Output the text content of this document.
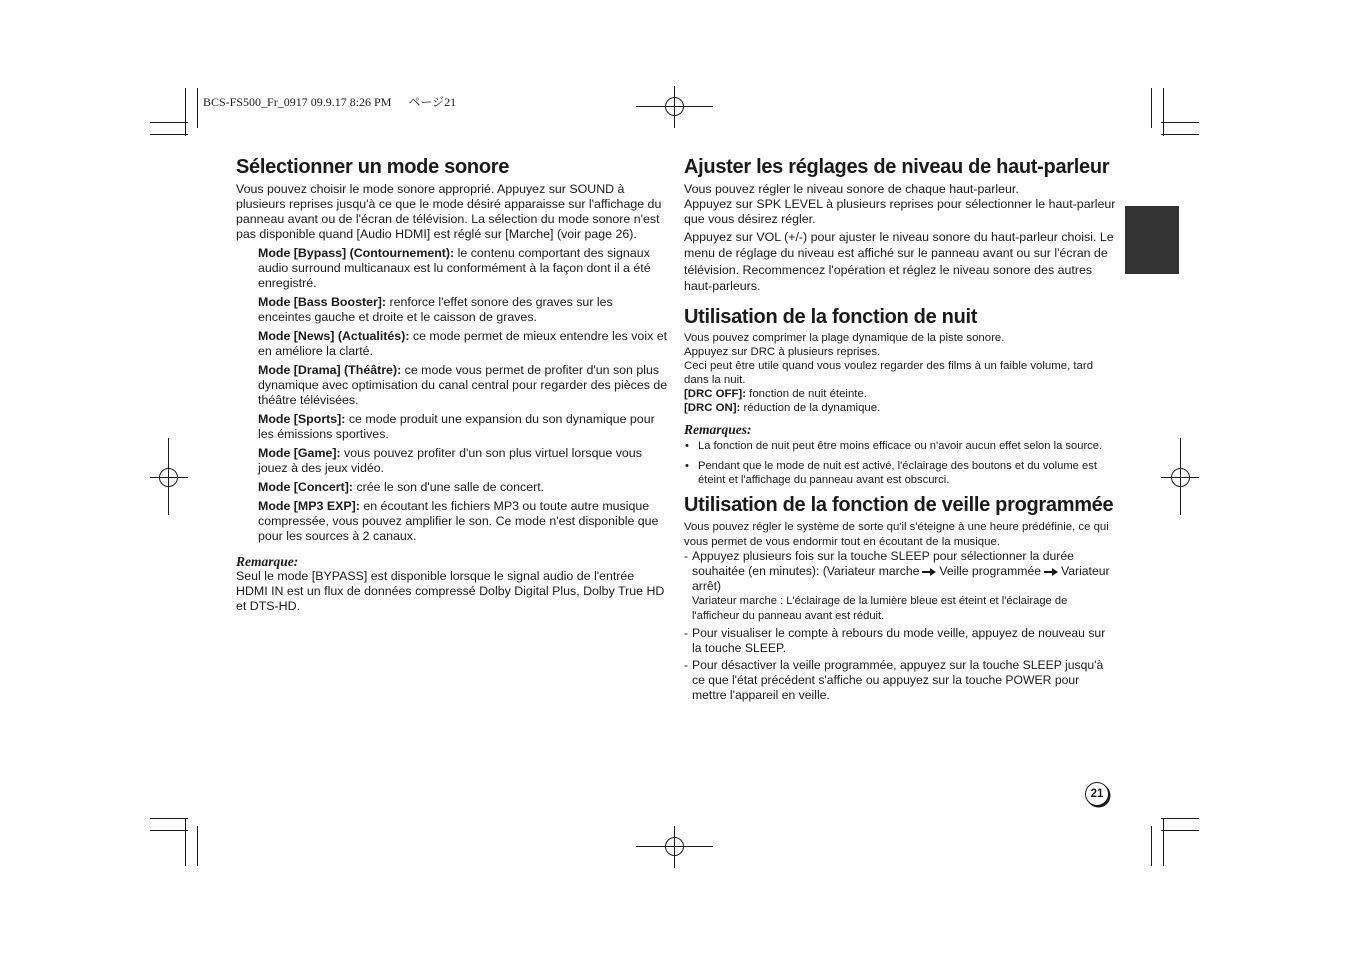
BCS-FS500_Fr_0917 09.9.17 8:26 PM ページ21
Sélectionner un mode sonore

Vous pouvez choisir le mode sonore approprié. Appuyez sur SOUND à plusieurs reprises jusqu'à ce que le mode désiré apparaisse sur l'affichage du panneau avant ou de l'écran de télévision. La sélection du mode sonore n'est pas disponible quand [Audio HDMI] est réglé sur [Marche] (voir page 26).

Mode [Bypass] (Contournement): le contenu comportant des signaux audio surround multicanaux est lu conformément à la façon dont il a été enregistré.

Mode [Bass Booster]: renforce l'effet sonore des graves sur les enceintes gauche et droite et le caisson de graves.

Mode [News] (Actualités): ce mode permet de mieux entendre les voix et en améliore la clarté.

Mode [Drama] (Théâtre): ce mode vous permet de profiter d'un son plus dynamique avec optimisation du canal central pour regarder des pièces de théâtre télévisées.

Mode [Sports]: ce mode produit une expansion du son dynamique pour les émissions sportives.

Mode [Game]: vous pouvez profiter d'un son plus virtuel lorsque vous jouez à des jeux vidéo.

Mode [Concert]: crée le son d'une salle de concert.

Mode [MP3 EXP]: en écoutant les fichiers MP3 ou toute autre musique compressée, vous pouvez amplifier le son. Ce mode n'est disponible que pour les sources à 2 canaux.

Remarque:

Seul le mode [BYPASS] est disponible lorsque le signal audio de l'entrée HDMI IN est un flux de données compressé Dolby Digital Plus, Dolby True HD et DTS-HD.

Ajuster les réglages de niveau de haut-parleur

Vous pouvez régler le niveau sonore de chaque haut-parleur.

Appuyez sur SPK LEVEL à plusieurs reprises pour sélectionner le haut-parleur que vous désirez régler.

Appuyez sur VOL (+/-) pour ajuster le niveau sonore du haut-parleur choisi. Le menu de réglage du niveau est affiché sur le panneau avant ou sur l'écran de télévision. Recommencez l'opération et réglez le niveau sonore des autres haut-parleurs.

Utilisation de la fonction de nuit

Vous pouvez comprimer la plage dynamique de la piste sonore.

Appuyez sur DRC à plusieurs reprises.

Ceci peut être utile quand vous voulez regarder des films à un faible volume, tard dans la nuit.

[DRC OFF]: fonction de nuit éteinte.

[DRC ON]: réduction de la dynamique.

Remarques:

• La fonction de nuit peut être moins efficace ou n'avoir aucun effet selon la source.
• Pendant que le mode de nuit est activé, l'éclairage des boutons et du volume est éteint et l'affichage du panneau avant est obscurci.
Utilisation de la fonction de veille programmée

Vous pouvez régler le système de sorte qu'il s'éteigne à une heure prédéfinie, ce qui vous permet de vous endormir tout en écoutant de la musique.

- Appuyez plusieurs fois sur la touche SLEEP pour sélectionner la durée souhaitée (en minutes): (Variateur marche Veille programmée Variateur arrêt)
Variateur marche : L'éclairage de la lumière bleue est éteint et l'éclairage de l'afficheur du panneau avant est réduit.
- Pour visualiser le compte à rebours du mode veille, appuyez de nouveau sur la touche SLEEP.
- Pour désactiver la veille programmée, appuyez sur la touche SLEEP jusqu'à ce que l'état précédent s'affiche ou appuyez sur la touche POWER pour mettre l'appareil en veille.
21
